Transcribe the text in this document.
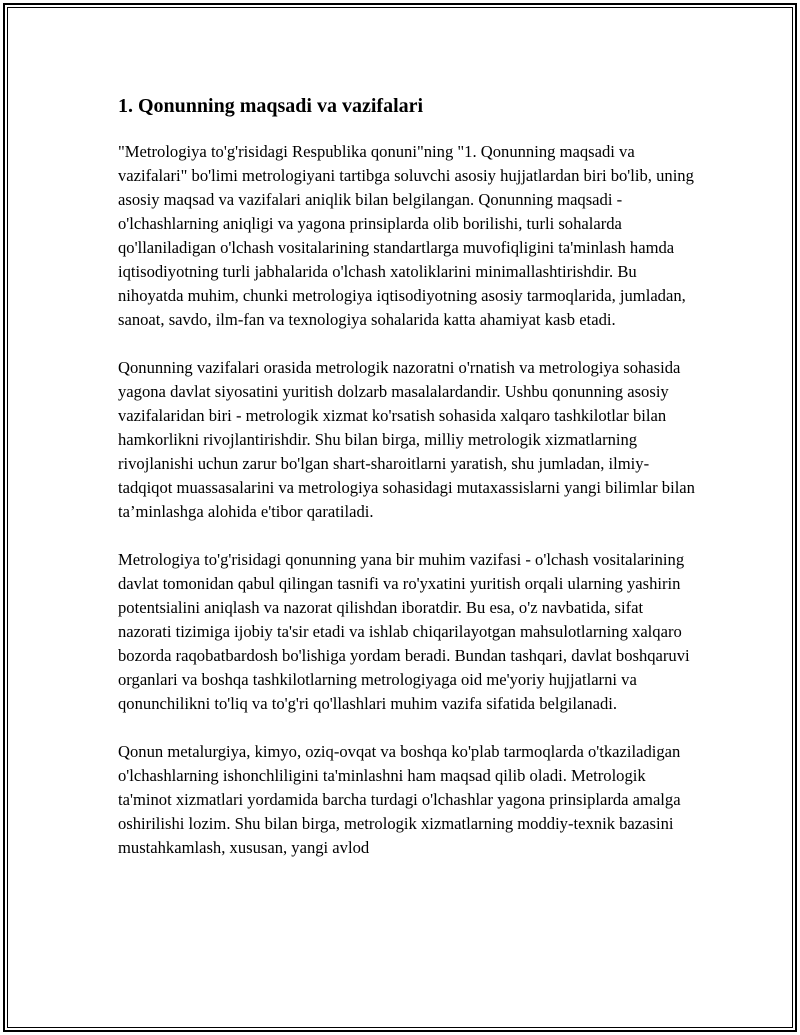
1. Qonunning maqsadi va vazifalari

"Metrologiya to'g'risidagi Respublika qonuni"ning "1. Qonunning maqsadi va vazifalari" bo'limi metrologiyani tartibga soluvchi asosiy hujjatlardan biri bo'lib, uning asosiy maqsad va vazifalari aniqlik bilan belgilangan. Qonunning maqsadi - o'lchashlarning aniqligi va yagona prinsiplarda olib borilishi, turli sohalarda qo'llaniladigan o'lchash vositalarining standartlarga muvofiqligini ta'minlash hamda iqtisodiyotning turli jabhalarida o'lchash xatoliklarini minimallashtirishdir. Bu nihoyatda muhim, chunki metrologiya iqtisodiyotning asosiy tarmoqlarida, jumladan, sanoat, savdo, ilm-fan va texnologiya sohalarida katta ahamiyat kasb etadi.

Qonunning vazifalari orasida metrologik nazoratni o'rnatish va metrologiya sohasida yagona davlat siyosatini yuritish dolzarb masalalardandir. Ushbu qonunning asosiy vazifalaridan biri - metrologik xizmat ko'rsatish sohasida xalqaro tashkilotlar bilan hamkorlikni rivojlantirishdir. Shu bilan birga, milliy metrologik xizmatlarning rivojlanishi uchun zarur bo'lgan shart-sharoitlarni yaratish, shu jumladan, ilmiy-tadqiqot muassasalarini va metrologiya sohasidagi mutaxassislarni yangi bilimlar bilan ta’minlashga alohida e'tibor qaratiladi.

Metrologiya to'g'risidagi qonunning yana bir muhim vazifasi - o'lchash vositalarining davlat tomonidan qabul qilingan tasnifi va ro'yxatini yuritish orqali ularning yashirin potentsialini aniqlash va nazorat qilishdan iboratdir. Bu esa, o'z navbatida, sifat nazorati tizimiga ijobiy ta'sir etadi va ishlab chiqarilayotgan mahsulotlarning xalqaro bozorda raqobatbardosh bo'lishiga yordam beradi. Bundan tashqari, davlat boshqaruvi organlari va boshqa tashkilotlarning metrologiyaga oid me'yoriy hujjatlarni va qonunchilikni to'liq va to'g'ri qo'llashlari muhim vazifa sifatida belgilanadi.

Qonun metalurgiya, kimyo, oziq-ovqat va boshqa ko'plab tarmoqlarda o'tkaziladigan o'lchashlarning ishonchliligini ta'minlashni ham maqsad qilib oladi. Metrologik ta'minot xizmatlari yordamida barcha turdagi o'lchashlar yagona prinsiplarda amalga oshirilishi lozim. Shu bilan birga, metrologik xizmatlarning moddiy-texnik bazasini mustahkamlash, xususan, yangi avlod
